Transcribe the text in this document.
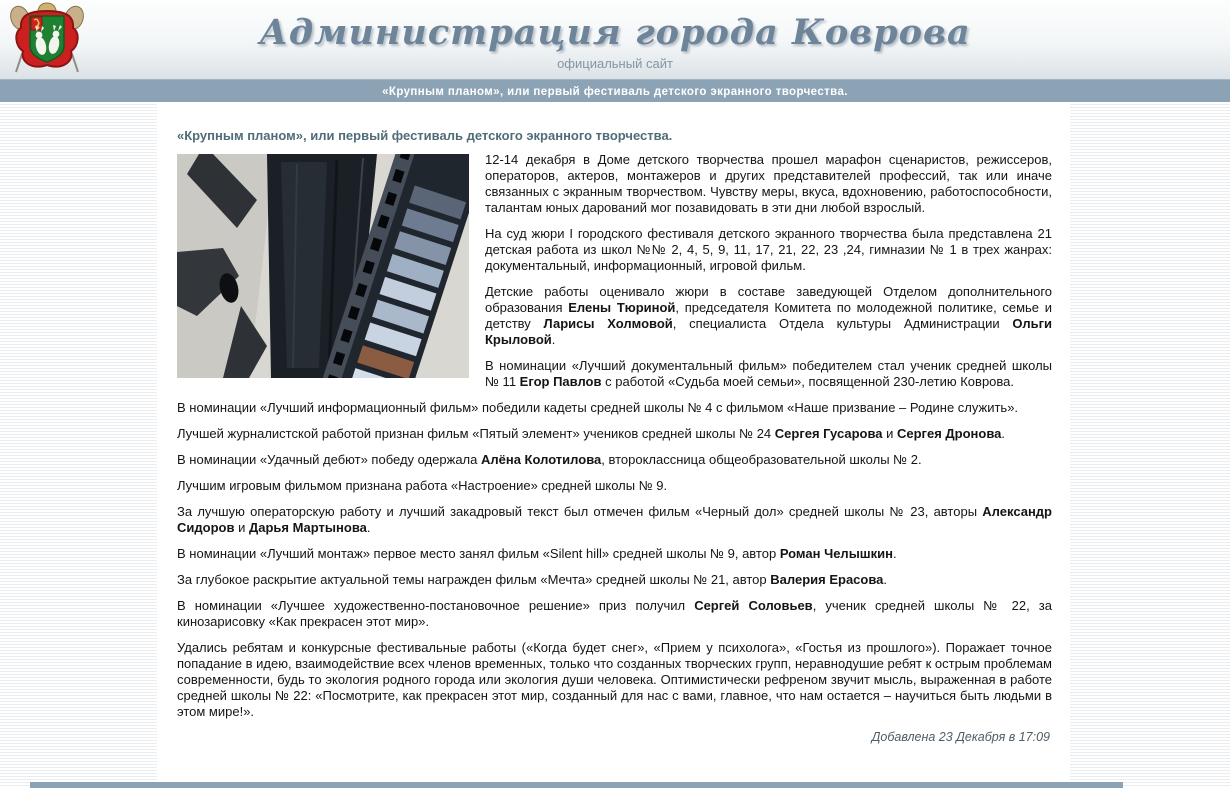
Администрация города Коврова
официальный сайт
«Крупным планом», или первый фестиваль детского экранного творчества.
«Крупным планом», или первый фестиваль детского экранного творчества.

12-14 декабря в Доме детского творчества прошел марафон сценаристов, режиссеров, операторов, актеров, монтажеров и других представителей профессий, так или иначе связанных с экранным творчеством. Чувству меры, вкуса, вдохновению, работоспособности, талантам юных дарований мог позавидовать в эти дни любой взрослый.

На суд жюри I городского фестиваля детского экранного творчества была представлена 21 детская работа из школ №№ 2, 4, 5, 9, 11, 17, 21, 22, 23 ,24, гимназии № 1 в трех жанрах: документальный, информационный, игровой фильм.

Детские работы оценивало жюри в составе заведующей Отделом дополнительного образования Елены Тюриной, председателя Комитета по молодежной политике, семье и детству Ларисы Холмовой, специалиста Отдела культуры Администрации Ольги Крыловой.

В номинации «Лучший документальный фильм» победителем стал ученик средней школы № 11 Егор Павлов с работой «Судьба моей семьи», посвященной 230-летию Коврова.

В номинации «Лучший информационный фильм» победили кадеты средней школы № 4 с фильмом «Наше призвание – Родине служить».

Лучшей журналистской работой признан фильм «Пятый элемент» учеников средней школы № 24 Сергея Гусарова и Сергея Дронова.

В номинации «Удачный дебют» победу одержала Алёна Колотилова, второклассница общеобразовательной школы № 2.

Лучшим игровым фильмом признана работа «Настроение» средней школы № 9.

За лучшую операторскую работу и лучший закадровый текст был отмечен фильм «Черный дол» средней школы № 23, авторы Александр Сидоров и Дарья Мартынова.

В номинации «Лучший монтаж» первое место занял фильм «Silent hill» средней школы № 9, автор Роман Челышкин.

За глубокое раскрытие актуальной темы награжден фильм «Мечта» средней школы № 21, автор Валерия Ерасова.

В номинации «Лучшее художественно-постановочное решение» приз получил Сергей Соловьев, ученик средней школы № 22, за кинозарисовку «Как прекрасен этот мир».

Удались ребятам и конкурсные фестивальные работы («Когда будет снег», «Прием у психолога», «Гостья из прошлого»). Поражает точное попадание в идею, взаимодействие всех членов временных, только что созданных творческих групп, неравнодушие ребят к острым проблемам современности, будь то экология родного города или экология души человека. Оптимистически рефреном звучит мысль, выраженная в работе средней школы № 22: «Посмотрите, как прекрасен этот мир, созданный для нас с вами, главное, что нам остается – научиться быть людьми в этом мире!».

Добавлена 23 Декабря в 17:09
